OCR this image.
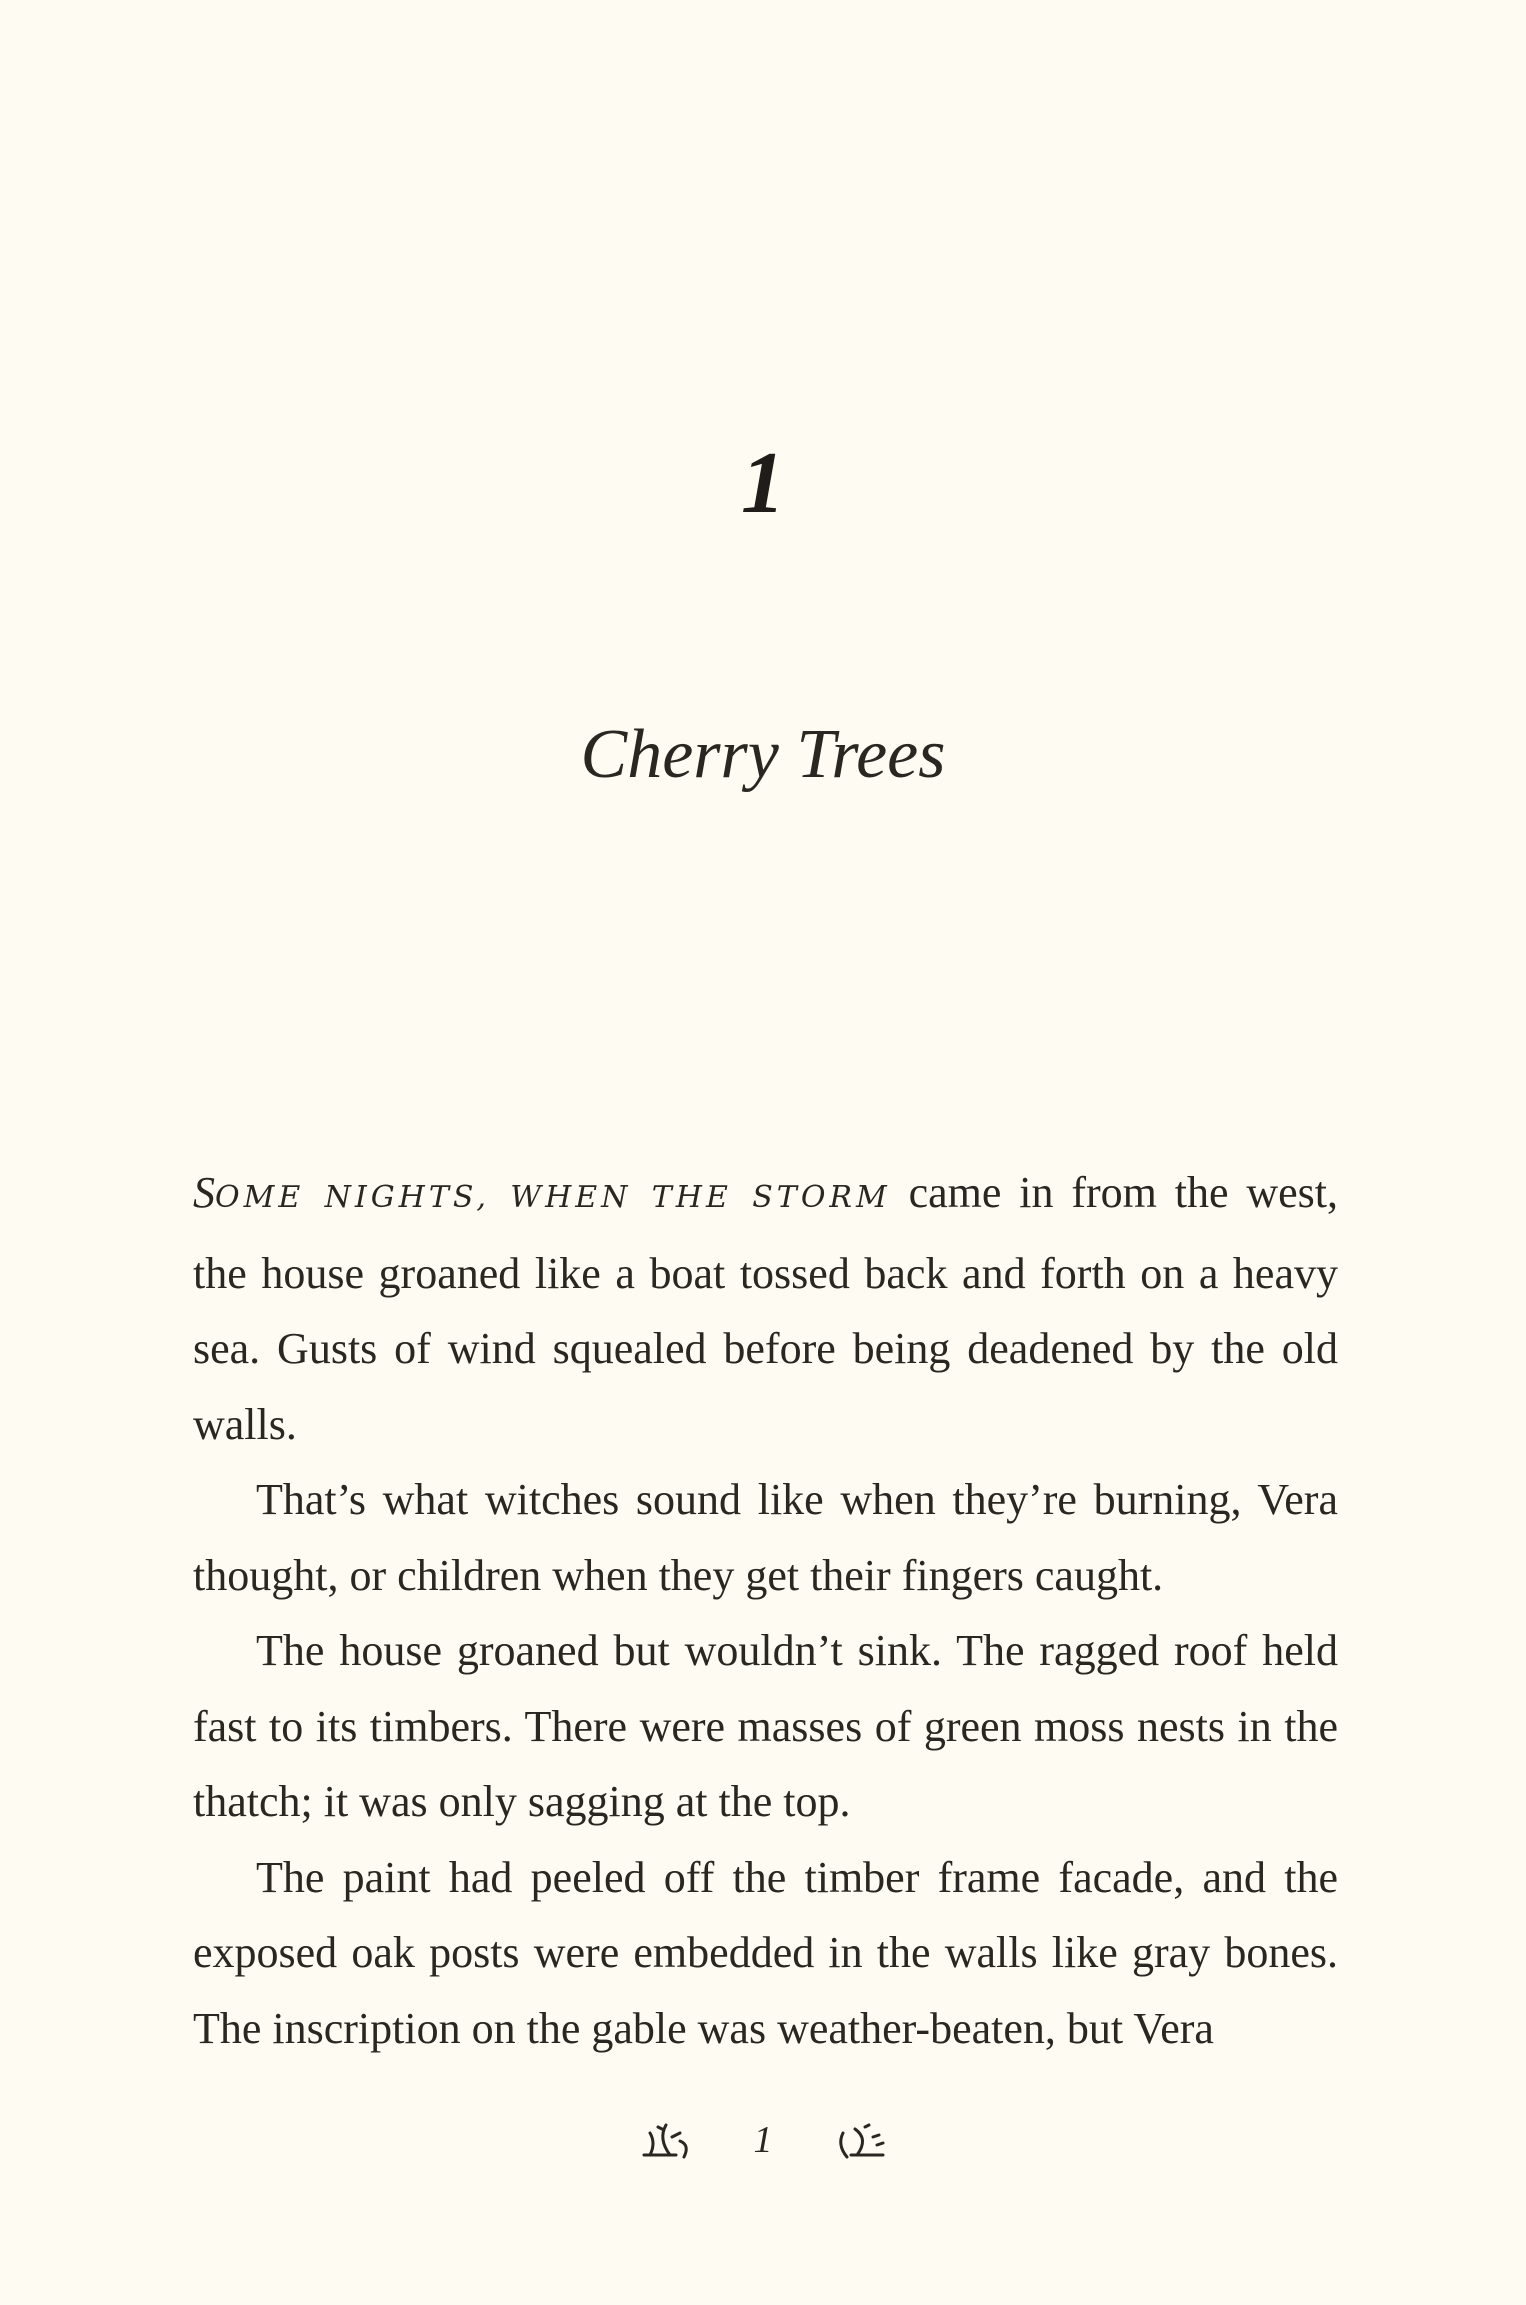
1
Cherry Trees

SOME NIGHTS, WHEN THE STORM came in from the west, the house groaned like a boat tossed back and forth on a heavy sea. Gusts of wind squealed before being deadened by the old walls.

That’s what witches sound like when they’re burning, Vera thought, or children when they get their fingers caught.

The house groaned but wouldn’t sink. The ragged roof held fast to its timbers. There were masses of green moss nests in the thatch; it was only sagging at the top.

The paint had peeled off the timber frame facade, and the exposed oak posts were embedded in the walls like gray bones. The inscription on the gable was weather-beaten, but Vera

1
